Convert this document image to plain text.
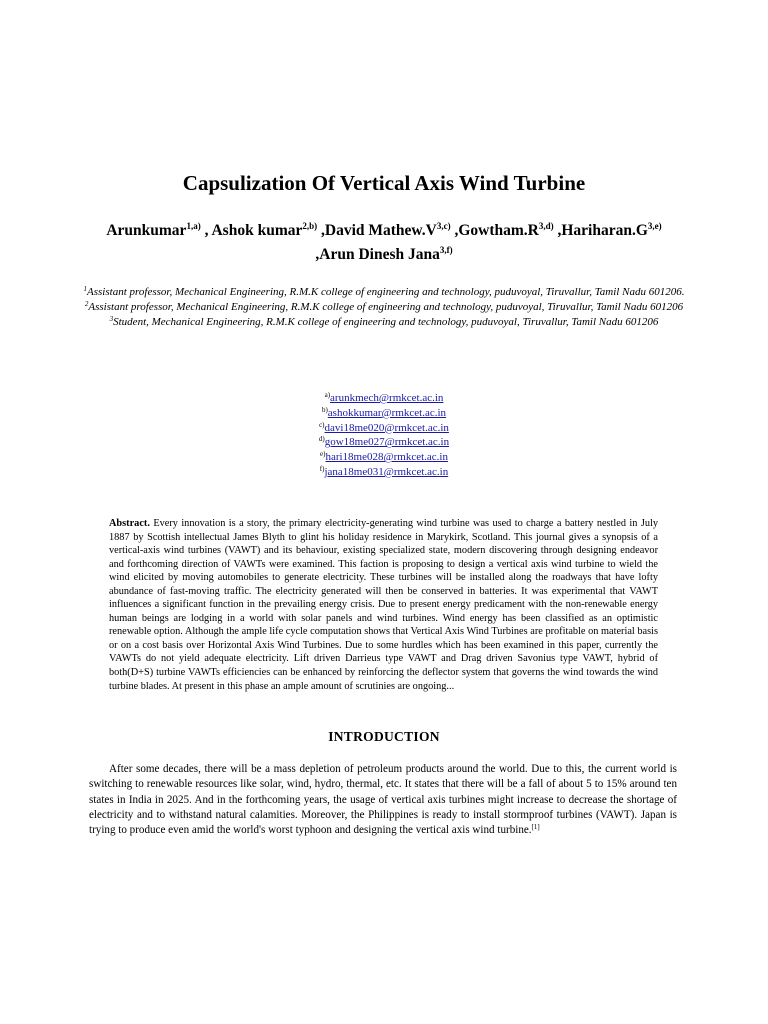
Capsulization Of Vertical Axis Wind Turbine
Arunkumar$^{1,a)}$ , Ashok kumar$^{2,b)}$ ,David $Mathew.V^{3,c)}$ $,Gowtham.R^{3,d)}$ $,Hariharan.G^{3,e)}$
,Arun Dinesh Jana$^{3,f)}$
$^1$Assistant professor, Mechanical Engineering, R.M.K college of engineering and technology, puduvoyal, Tiruvallur, Tamil Nadu 601206.
$^2$Assistant professor, Mechanical Engineering, R.M.K college of engineering and technology, puduvoyal, Tiruvallur, Tamil Nadu 601206
$^3$Student, Mechanical Engineering, R.M.K college of engineering and technology, puduvoyal, Tiruvallur, Tamil Nadu 601206
$^{a)}$arunkmech@rmkcet.ac.in
$^{b)}$ashokkumar@rmkcet.ac.in
$^{c)}$davi18me020@rmkcet.ac.in
$^{d)}$gow18me027@rmkcet.ac.in
$^{e)}$hari18me028@rmkcet.ac.in
$^{f)}$jana18me031@rmkcet.ac.in

Abstract. Every innovation is a story, the primary electricity-generating wind turbine was used to charge a battery nestled in July 1887 by Scottish intellectual James Blyth to glint his holiday residence in Marykirk, Scotland. This journal gives a synopsis of a vertical-axis wind turbines (VAWT) and its behaviour, existing specialized state, modern discovering through designing endeavor and forthcoming direction of VAWTs were examined. This faction is proposing to design a vertical axis wind turbine to wield the wind elicited by moving automobiles to generate electricity. These turbines will be installed along the roadways that have lofty abundance of fast-moving traffic. The electricity generated will then be conserved in batteries. It was experimental that VAWT influences a significant function in the prevailing energy crisis. Due to present energy predicament with the non-renewable energy human beings are lodging in a world with solar panels and wind turbines. Wind energy has been classified as an optimistic renewable option. Although the ample life cycle computation shows that Vertical Axis Wind Turbines are profitable on material basis or on a cost basis over Horizontal Axis Wind Turbines. Due to some hurdles which has been examined in this paper, currently the VAWTs do not yield adequate electricity. Lift driven Darrieus type VAWT and Drag driven Savonius type VAWT, hybrid of both(D+S) turbine VAWTs efficiencies can be enhanced by reinforcing the deflector system that governs the wind towards the wind turbine blades. At present in this phase an ample amount of scrutinies are ongoing...

INTRODUCTION

After some decades, there will be a mass depletion of petroleum products around the world. Due to this, the current world is switching to renewable resources like solar, wind, hydro, thermal, etc. It states that there will be a fall of about 5 to 15% around ten states in India in 2025. And in the forthcoming years, the usage of vertical axis turbines might increase to decrease the shortage of electricity and to withstand natural calamities. Moreover, the Philippines is ready to install stormproof turbines (VAWT). Japan is trying to produce even amid the world's worst typhoon and designing the vertical axis wind turbine.[1]
